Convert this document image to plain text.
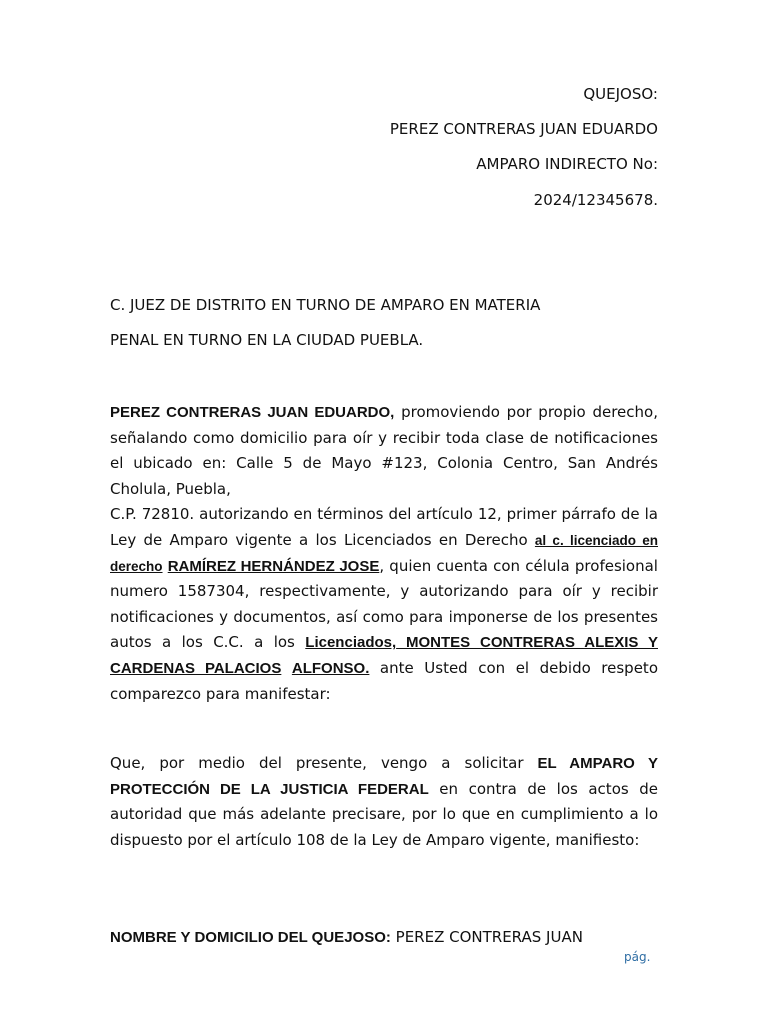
QUEJOSO:
PEREZ CONTRERAS JUAN EDUARDO
AMPARO INDIRECTO No:
2024/12345678.
C. JUEZ DE DISTRITO EN TURNO DE AMPARO EN MATERIA
PENAL EN TURNO EN LA CIUDAD PUEBLA.
PEREZ CONTRERAS JUAN EDUARDO, promoviendo por propio derecho, señalando como domicilio para oír y recibir toda clase de notificaciones el ubicado en: Calle 5 de Mayo #123, Colonia Centro, San Andrés Cholula, Puebla,
C.P. 72810. autorizando en términos del artículo 12, primer párrafo de la Ley de Amparo vigente a los Licenciados en Derecho al c. licenciado en derecho RAMÍREZ HERNÁNDEZ JOSE, quien cuenta con célula profesional numero 1587304, respectivamente, y autorizando para oír y recibir notificaciones y documentos, así como para imponerse de los presentes autos a los C.C. a los Licenciados, MONTES CONTRERAS ALEXIS Y CARDENAS PALACIOS ALFONSO. ante Usted con el debido respeto comparezco para manifestar:
Que, por medio del presente, vengo a solicitar EL AMPARO Y PROTECCIÓN DE LA JUSTICIA FEDERAL en contra de los actos de autoridad que más adelante precisare, por lo que en cumplimiento a lo dispuesto por el artículo 108 de la Ley de Amparo vigente, manifiesto:
NOMBRE Y DOMICILIO DEL QUEJOSO: PEREZ CONTRERAS JUAN
pág.
